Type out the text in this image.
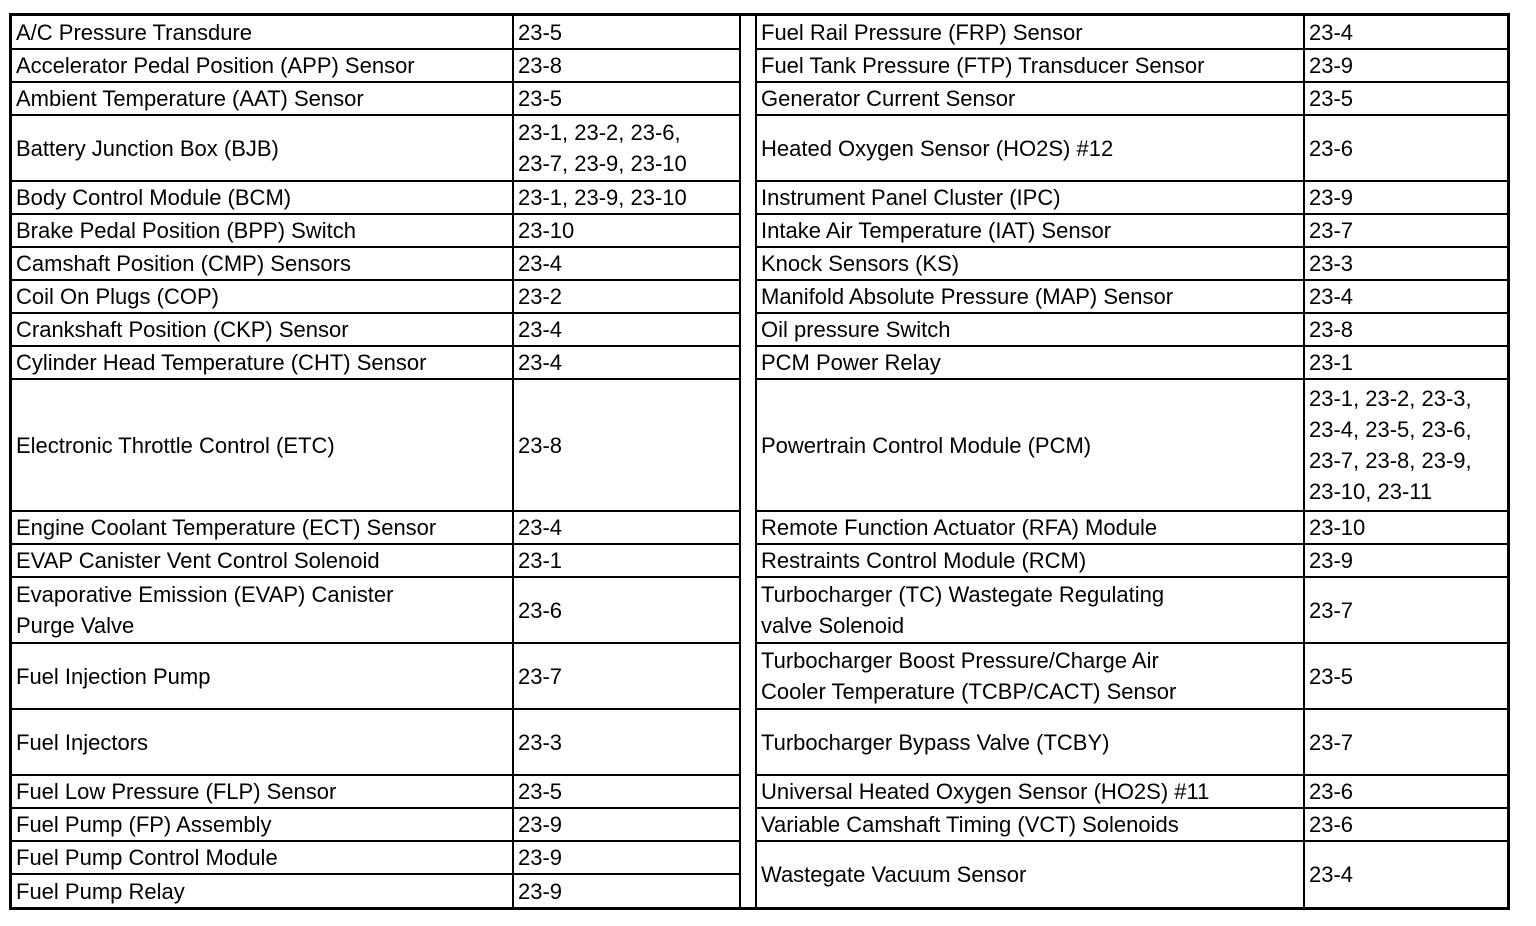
A/C Pressure Transdure	23-5
Accelerator Pedal Position (APP) Sensor	23-8
Ambient Temperature (AAT) Sensor	23-5
Battery Junction Box (BJB)	23-1, 23-2, 23-6,
23-7, 23-9, 23-10
Body Control Module (BCM)	23-1, 23-9, 23-10
Brake Pedal Position (BPP) Switch	23-10
Camshaft Position (CMP) Sensors	23-4
Coil On Plugs (COP)	23-2
Crankshaft Position (CKP) Sensor	23-4
Cylinder Head Temperature (CHT) Sensor	23-4
Electronic Throttle Control (ETC)	23-8
Engine Coolant Temperature (ECT) Sensor	23-4
EVAP Canister Vent Control Solenoid	23-1
Evaporative Emission (EVAP) Canister
Purge Valve	23-6
Fuel Injection Pump	23-7
Fuel Injectors	23-3
Fuel Low Pressure (FLP) Sensor	23-5
Fuel Pump (FP) Assembly	23-9
Fuel Pump Control Module	23-9
Fuel Pump Relay	23-9
Fuel Rail Pressure (FRP) Sensor	23-4
Fuel Tank Pressure (FTP) Transducer Sensor	23-9
Generator Current Sensor	23-5
Heated Oxygen Sensor (HO2S) #12	23-6
Instrument Panel Cluster (IPC)	23-9
Intake Air Temperature (IAT) Sensor	23-7
Knock Sensors (KS)	23-3
Manifold Absolute Pressure (MAP) Sensor	23-4
Oil pressure Switch	23-8
PCM Power Relay	23-1
Powertrain Control Module (PCM)	23-1, 23-2, 23-3,
23-4, 23-5, 23-6,
23-7, 23-8, 23-9,
23-10, 23-11
Remote Function Actuator (RFA) Module	23-10
Restraints Control Module (RCM)	23-9
Turbocharger (TC) Wastegate Regulating
valve Solenoid	23-7
Turbocharger Boost Pressure/Charge Air
Cooler Temperature (TCBP/CACT) Sensor	23-5
Turbocharger Bypass Valve (TCBY)	23-7
Universal Heated Oxygen Sensor (HO2S) #11	23-6
Variable Camshaft Timing (VCT) Solenoids	23-6
Wastegate Vacuum Sensor	23-4
